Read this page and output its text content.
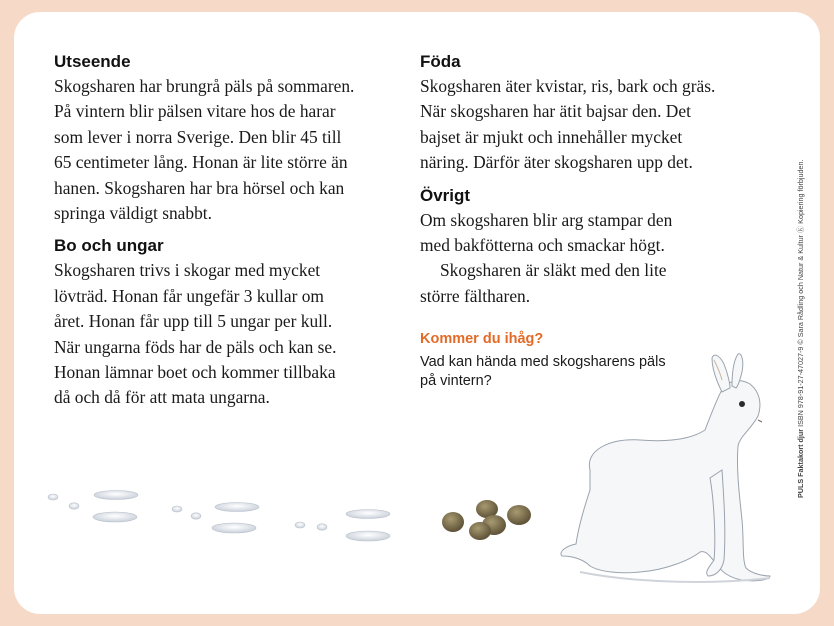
Utseende

Skogsharen har brungrå päls på sommaren.
På vintern blir pälsen vitare hos de harar
som lever i norra Sverige. Den blir 45 till
65 centimeter lång. Honan är lite större än
hanen. Skogsharen har bra hörsel och kan
springa väldigt snabbt.

Bo och ungar

Skogsharen trivs i skogar med mycket
lövträd. Honan får ungefär 3 kullar om
året. Honan får upp till 5 ungar per kull.
När ungarna föds har de päls och kan se.
Honan lämnar boet och kommer tillbaka
då och då för att mata ungarna.

Föda

Skogsharen äter kvistar, ris, bark och gräs.
När skogsharen har ätit bajsar den. Det
bajset är mjukt och innehåller mycket
näring. Därför äter skogsharen upp det.

Övrigt

Om skogsharen blir arg stampar den
med bakfötterna och smackar högt.

Skogsharen är släkt med den lite
större fältharen.

Kommer du ihåg?

Vad kan hända med skogsharens päls på vintern?

PULS Faktakort djur ISBN 978-91-27-47027-9 © Sara Rådling och Natur & Kultur Ⓚ Kopiering förbjuden.
